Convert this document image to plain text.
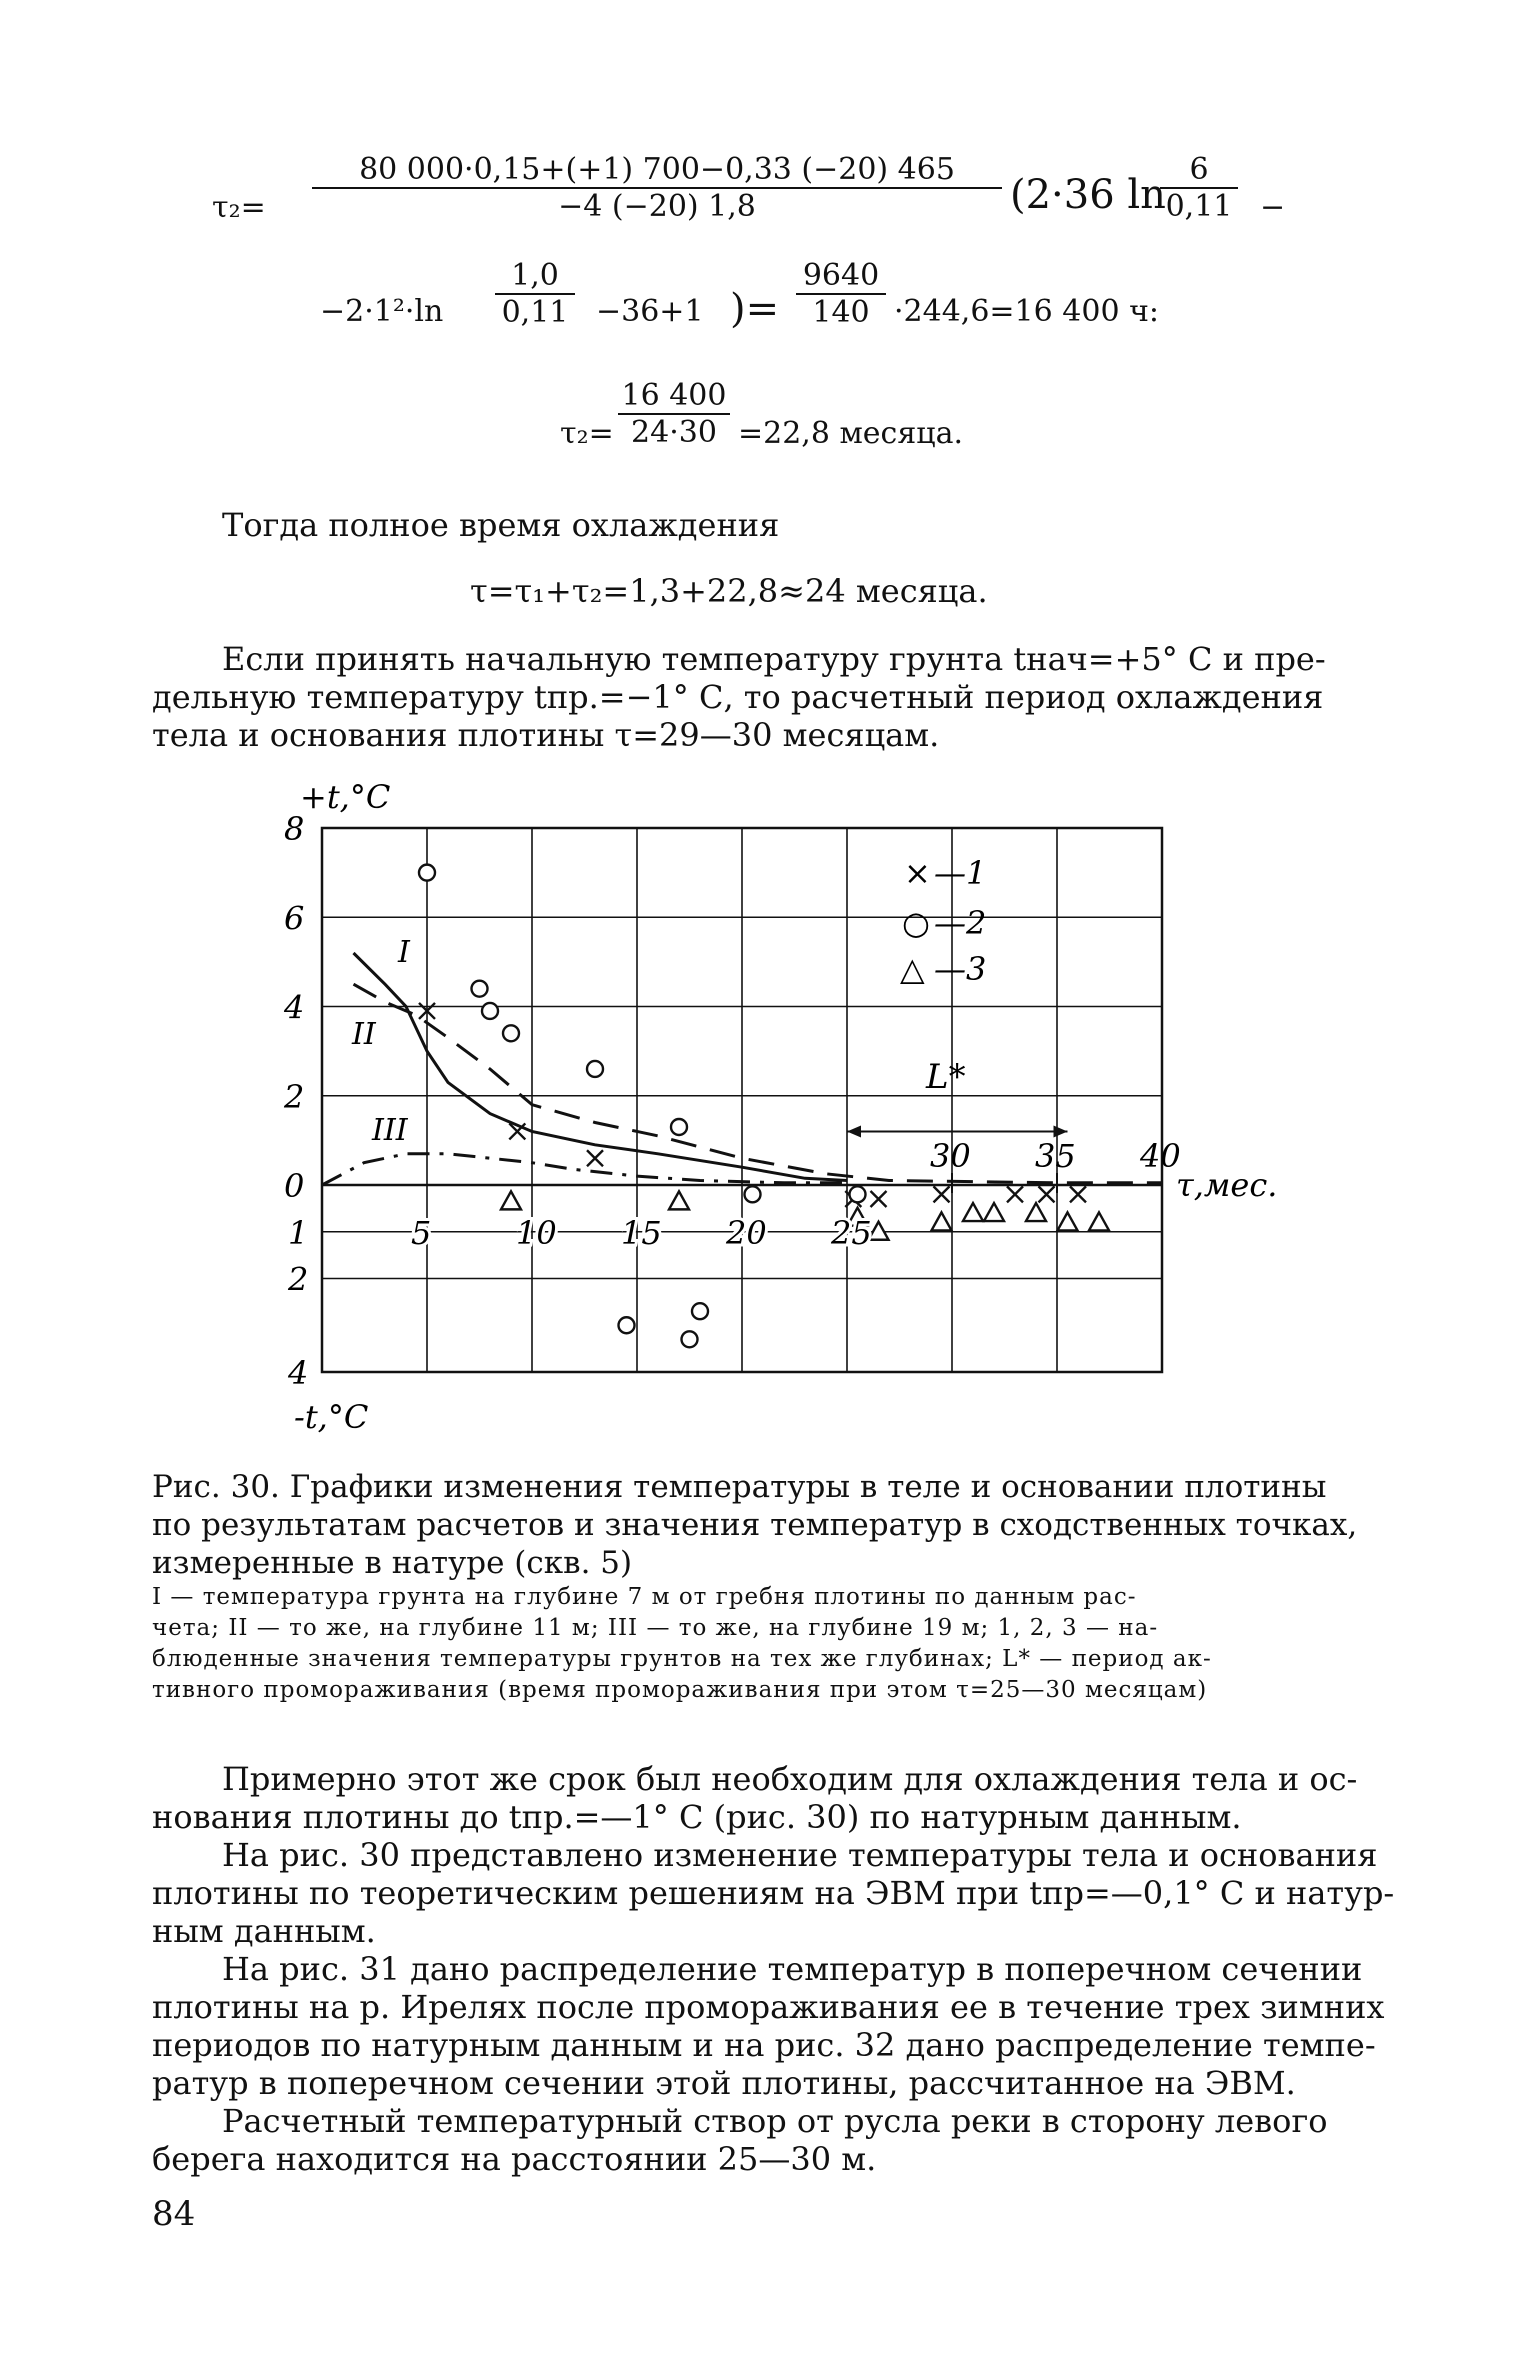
τ₂=
80 000·0,15+(+1) 700−0,33 (−20) 465
−4 (−20) 1,8	(2·36 ln
6
0,11 −
−2·1²·ln
1,0
0,11 −36+1 )=
9640
140 ·244,6=16 400 ч:
τ₂=
16 400
24·30 =22,8 месяца.
Тогда полное время охлаждения
τ=τ₁+τ₂=1,3+22,8≈24 месяца.
Если принять начальную температуру грунта tнач=+5° С и пре-
дельную температуру tпр.=−1° С, то расчетный период охлаждения
тела и основания плотины τ=29—30 месяцам.
+t,°C
-t,°C
τ,мес.
L*
I
II
III
× —1
○ —2
△ —3
8
6
4
2
0
1
2
4
5	10 15 20 25
30 35 40
Рис. 30. Графики изменения температуры в теле и основании плотины
по результатам расчетов и значения температур в сходственных точках,
измеренные в натуре (скв. 5)
I — температура грунта на глубине 7 м от гребня плотины по данным рас-
чета; II — то же, на глубине 11 м; III — то же, на глубине 19 м; 1, 2, 3 — на-
блюденные значения температуры грунтов на тех же глубинах; L* — период ак-
тивного промораживания (время промораживания при этом τ=25—30 месяцам)
Примерно этот же срок был необходим для охлаждения тела и ос-
нования плотины до tпр.=—1° С (рис. 30) по натурным данным.
На рис. 30 представлено изменение температуры тела и основания
плотины по теоретическим решениям на ЭВМ при tпр=—0,1° С и натур-
ным данным.
На рис. 31 дано распределение температур в поперечном сечении
плотины на р. Ирелях после промораживания ее в течение трех зимних
периодов по натурным данным и на рис. 32 дано распределение темпе-
ратур в поперечном сечении этой плотины, рассчитанное на ЭВМ.
Расчетный температурный створ от русла реки в сторону левого
берега находится на расстоянии 25—30 м.
84
